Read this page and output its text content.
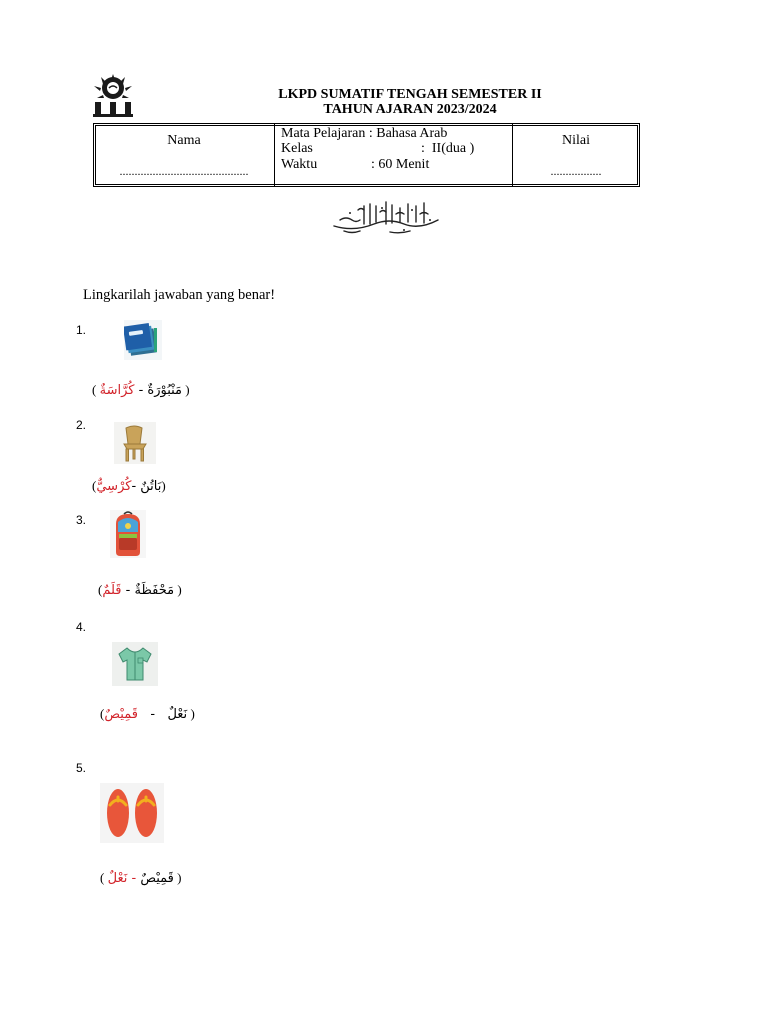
LKPD SUMATIF TENGAH SEMESTER II
TAHUN AJARAN 2023/2024
Nama
...........................................
Mata Pelajaran : Bahasa Arab
Kelas	:  II(dua )
Waktu	: 60 Menit
Nilai
.................
Lingkarilah jawaban yang benar!
1.
(	مَنْبُوْرَةٌ - كُرَّاسَةٌ	)
2.
(	بَاتُنٌ -كُرْسِيٌّ )
3.
( مَحْفَظَةٌ - قَلَمٌ	)
4.
(	نَعْلٌ   -   قَمِيْصٌ	)
5.
(	قَمِيْصٌ - نَعْلٌ	)
